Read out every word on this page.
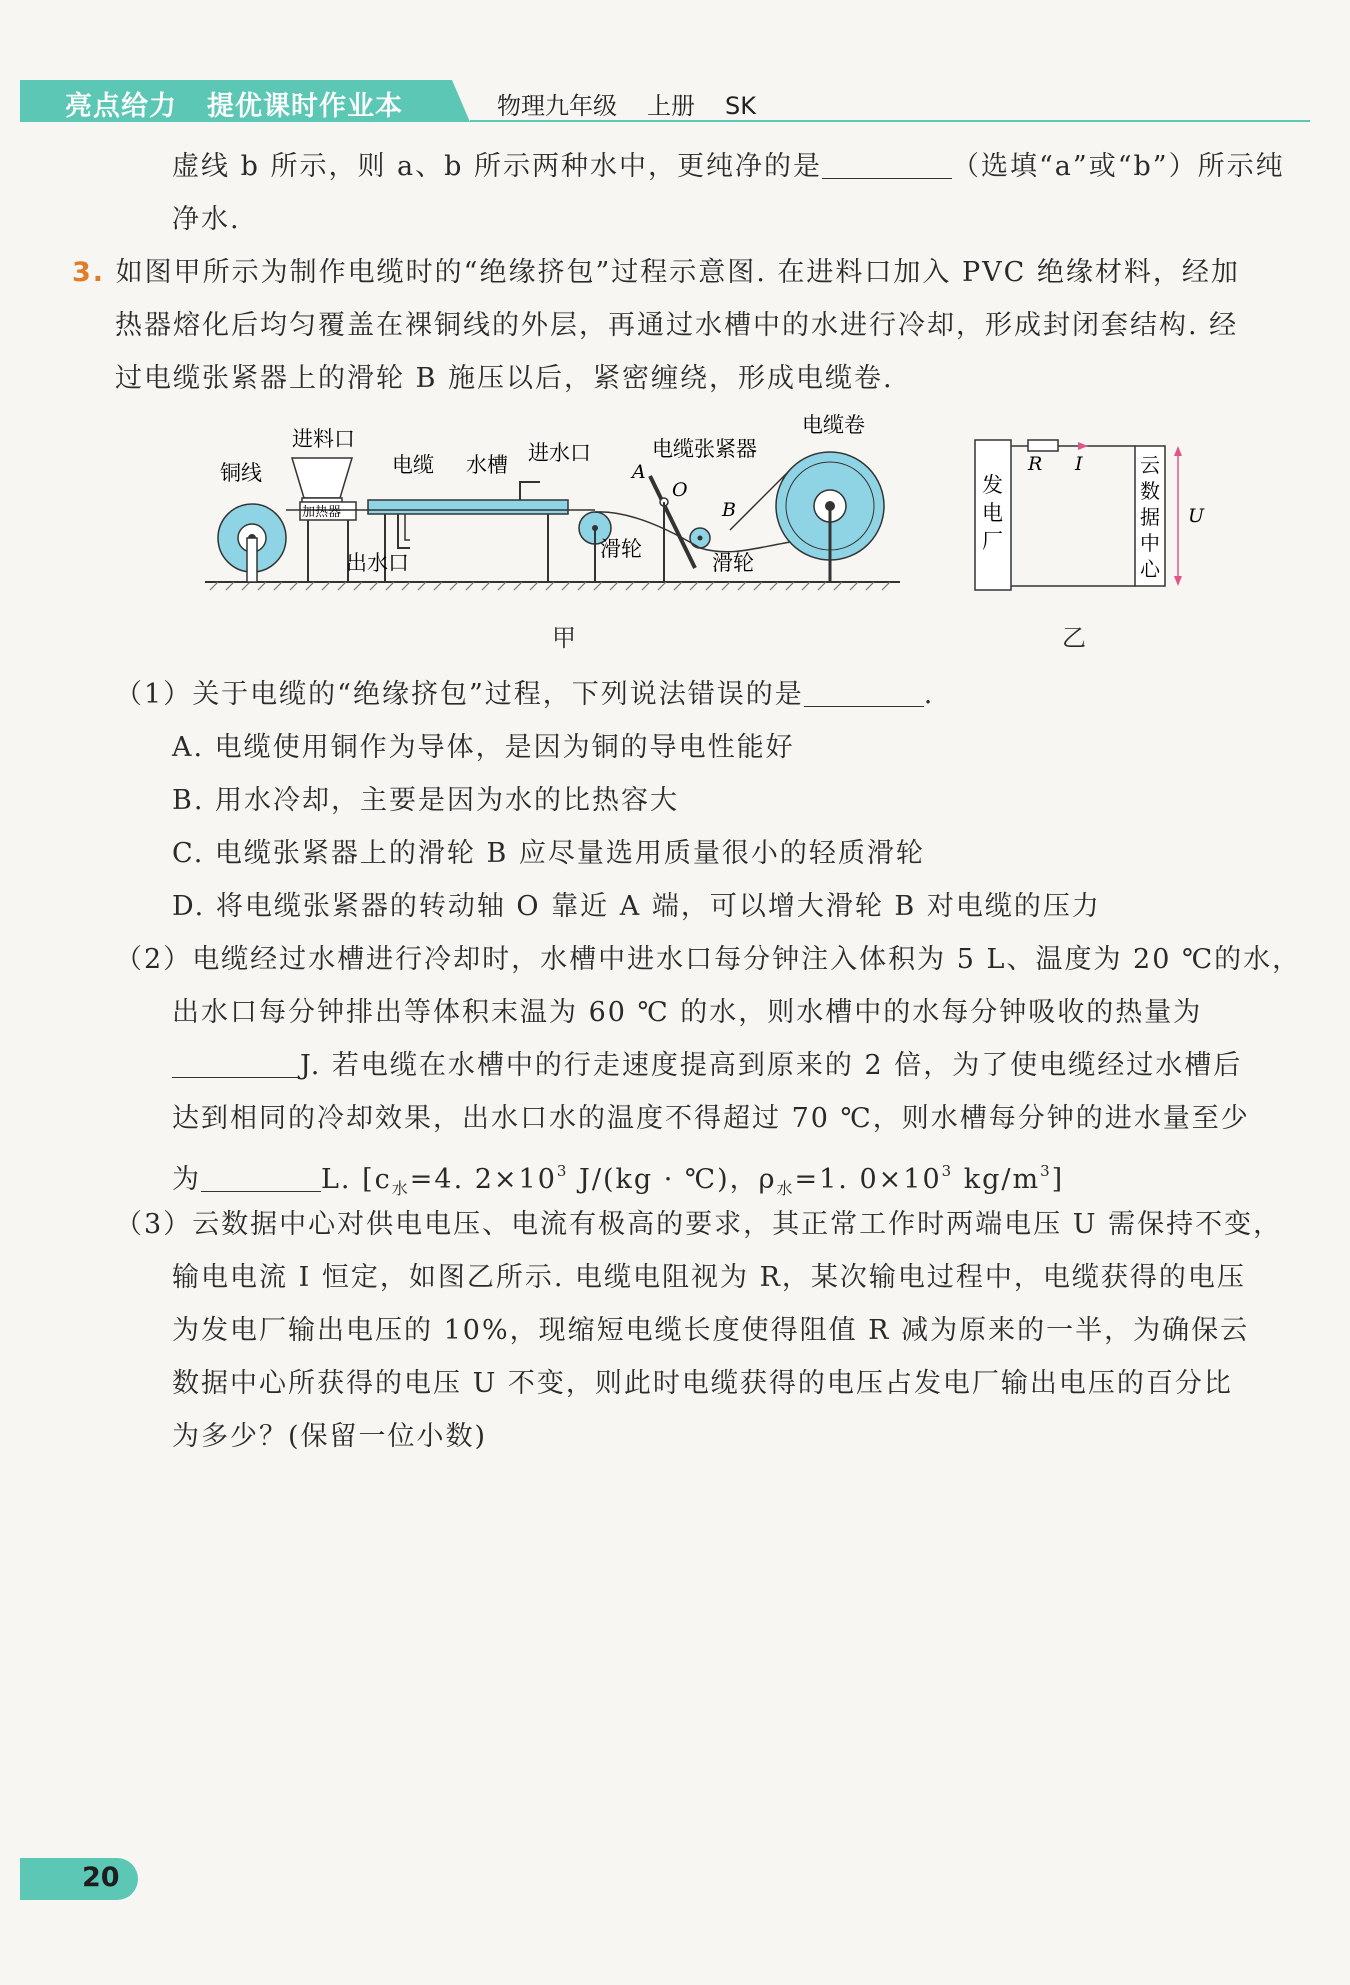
亮点给力 提优课时作业本	物理九年级 上册 SK
虚线 b 所示，则 a、b 所示两种水中，更纯净的是	（选填“a”或“b”）所示纯
净水.
3. 如图甲所示为制作电缆时的“绝缘挤包”过程示意图. 在进料口加入 PVC 绝缘材料，经加
热器熔化后均匀覆盖在裸铜线的外层，再通过水槽中的水进行冷却，形成封闭套结构. 经
过电缆张紧器上的滑轮 B 施压以后，紧密缠绕，形成电缆卷.
铜线
进料口
加热器
电缆 水槽 进水口
出水口
电缆张紧器
电缆卷
滑轮
滑轮
A
O
B
R I
U
发
电
厂
云
数
据
中
心
甲	乙
（1）关于电缆的“绝缘挤包”过程，下列说法错误的是	.
A. 电缆使用铜作为导体，是因为铜的导电性能好
B. 用水冷却，主要是因为水的比热容大
C. 电缆张紧器上的滑轮 B 应尽量选用质量很小的轻质滑轮
D. 将电缆张紧器的转动轴 O 靠近 A 端，可以增大滑轮 B 对电缆的压力
（2）电缆经过水槽进行冷却时，水槽中进水口每分钟注入体积为 5 L、温度为 20 ℃的水，
出水口每分钟排出等体积末温为 60 ℃ 的水，则水槽中的水每分钟吸收的热量为
J. 若电缆在水槽中的行走速度提高到原来的 2 倍，为了使电缆经过水槽后
达到相同的冷却效果，出水口水的温度不得超过 70 ℃，则水槽每分钟的进水量至少
为	L. [$c_水=4$. $2\times 10^3$ J/(kg · ℃)，$\rho_水=1$. $0\times 10^3$ $kg/m^3$]
（3）云数据中心对供电电压、电流有极高的要求，其正常工作时两端电压 U 需保持不变，
输电电流 I 恒定，如图乙所示. 电缆电阻视为 R，某次输电过程中，电缆获得的电压
为发电厂输出电压的 10%，现缩短电缆长度使得阻值 R 减为原来的一半，为确保云
数据中心所获得的电压 U 不变，则此时电缆获得的电压占发电厂输出电压的百分比
为多少？(保留一位小数)
20
